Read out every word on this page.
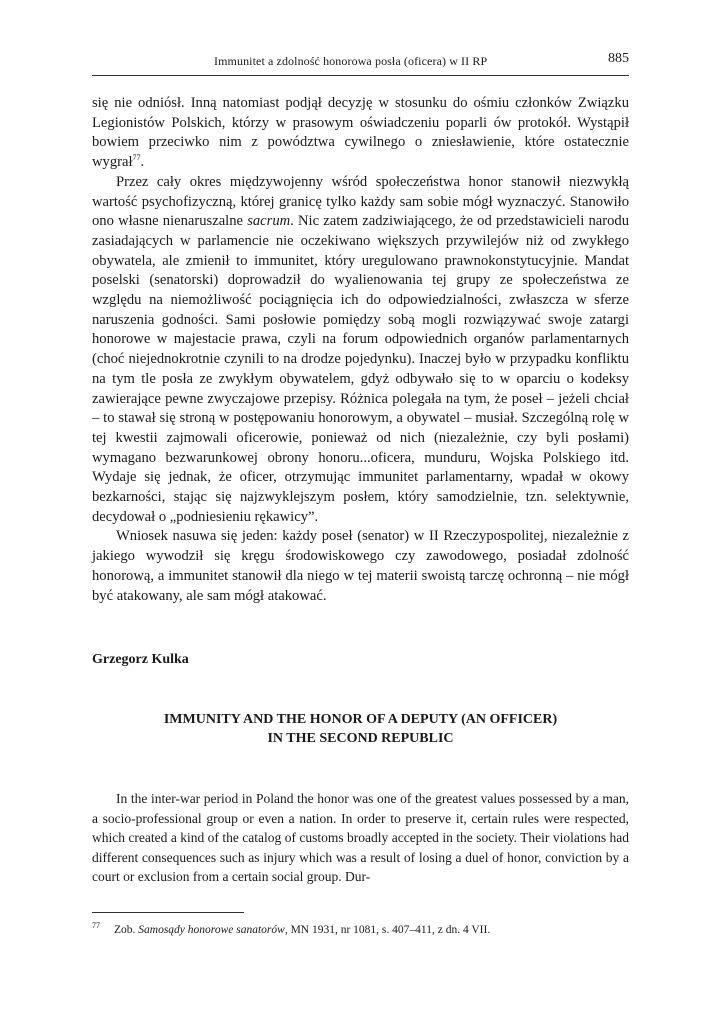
Immunitet a zdolność honorowa posła (oficera) w II RP	885

się nie odniósł. Inną natomiast podjął decyzję w stosunku do ośmiu członków Związku Legionistów Polskich, którzy w prasowym oświadczeniu poparli ów protokół. Wystąpił bowiem przeciwko nim z powództwa cywilnego o zniesławienie, które ostatecznie wygrał$^{77}$.

Przez cały okres międzywojenny wśród społeczeństwa honor stanowił niezwykłą wartość psychofizyczną, której granicę tylko każdy sam sobie mógł wyznaczyć. Stanowiło ono własne nienaruszalne sacrum. Nic zatem zadziwiającego, że od przedstawicieli narodu zasiadających w parlamencie nie oczekiwano większych przywilejów niż od zwykłego obywatela, ale zmienił to immunitet, który uregulowano prawnokonstytucyjnie. Mandat poselski (senatorski) doprowadził do wyalienowania tej grupy ze społeczeństwa ze względu na niemożliwość pociągnięcia ich do odpowiedzialności, zwłaszcza w sferze naruszenia godności. Sami posłowie pomiędzy sobą mogli rozwiązywać swoje zatargi honorowe w majestacie prawa, czyli na forum odpowiednich organów parlamentarnych (choć niejednokrotnie czynili to na drodze pojedynku). Inaczej było w przypadku konfliktu na tym tle posła ze zwykłym obywatelem, gdyż odbywało się to w oparciu o kodeksy zawierające pewne zwyczajowe przepisy. Różnica polegała na tym, że poseł – jeżeli chciał – to stawał się stroną w postępowaniu honorowym, a obywatel – musiał. Szczególną rolę w tej kwestii zajmowali oficerowie, ponieważ od nich (niezależnie, czy byli posłami) wymagano bezwarunkowej obrony honoru...oficera, munduru, Wojska Polskiego itd. Wydaje się jednak, że oficer, otrzymując immunitet parlamentarny, wpadał w okowy bezkarności, stając się najzwyklejszym posłem, który samodzielnie, tzn. selektywnie, decydował o „podniesieniu rękawicy”.

Wniosek nasuwa się jeden: każdy poseł (senator) w II Rzeczypospolitej, niezależnie z jakiego wywodził się kręgu środowiskowego czy zawodowego, posiadał zdolność honorową, a immunitet stanowił dla niego w tej materii swoistą tarczę ochronną – nie mógł być atakowany, ale sam mógł atakować.

Grzegorz Kulka
IMMUNITY AND THE HONOR OF A DEPUTY (AN OFFICER)
IN THE SECOND REPUBLIC

In the inter-war period in Poland the honor was one of the greatest values possessed by a man, a socio-professional group or even a nation. In order to preserve it, certain rules were respected, which created a kind of the catalog of customs broadly accepted in the society. Their violations had different consequences such as injury which was a result of losing a duel of honor, conviction by a court or exclusion from a certain social group. Dur-

$^{77}$ Zob. Samosądy honorowe sanatorów, MN 1931, nr 1081, s. 407–411, z dn. 4 VII.
